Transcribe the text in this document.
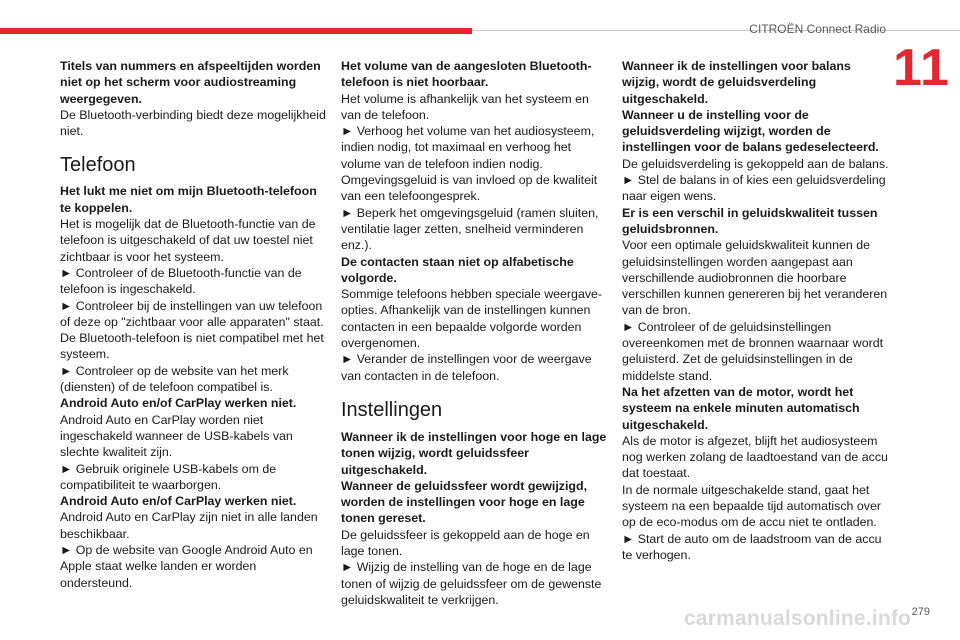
CITROËN Connect Radio
11

Titels van nummers en afspeeltijden worden niet op het scherm voor audiostreaming weergegeven.

De Bluetooth-verbinding biedt deze mogelijkheid niet.

Telefoon

Het lukt me niet om mijn Bluetooth-telefoon te koppelen.

Het is mogelijk dat de Bluetooth-functie van de telefoon is uitgeschakeld of dat uw toestel niet zichtbaar is voor het systeem.

► Controleer of de Bluetooth-functie van de telefoon is ingeschakeld.

► Controleer bij de instellingen van uw telefoon of deze op "zichtbaar voor alle apparaten" staat.

De Bluetooth-telefoon is niet compatibel met het systeem.

► Controleer op de website van het merk (diensten) of de telefoon compatibel is.

Android Auto en/of CarPlay werken niet.

Android Auto en CarPlay worden niet ingeschakeld wanneer de USB-kabels van slechte kwaliteit zijn.

► Gebruik originele USB-kabels om de compatibiliteit te waarborgen.

Android Auto en/of CarPlay werken niet.

Android Auto en CarPlay zijn niet in alle landen beschikbaar.

► Op de website van Google Android Auto en Apple staat welke landen er worden ondersteund.

Het volume van de aangesloten Bluetooth-telefoon is niet hoorbaar.

Het volume is afhankelijk van het systeem en van de telefoon.

► Verhoog het volume van het audiosysteem, indien nodig, tot maximaal en verhoog het volume van de telefoon indien nodig.

Omgevingsgeluid is van invloed op de kwaliteit van een telefoongesprek.

► Beperk het omgevingsgeluid (ramen sluiten, ventilatie lager zetten, snelheid verminderen enz.).

De contacten staan niet op alfabetische volgorde.

Sommige telefoons hebben speciale weergave-opties. Afhankelijk van de instellingen kunnen contacten in een bepaalde volgorde worden overgenomen.

► Verander de instellingen voor de weergave van contacten in de telefoon.

Instellingen

Wanneer ik de instellingen voor hoge en lage tonen wijzig, wordt geluidssfeer uitgeschakeld.

Wanneer de geluidssfeer wordt gewijzigd, worden de instellingen voor hoge en lage tonen gereset.

De geluidssfeer is gekoppeld aan de hoge en lage tonen.

► Wijzig de instelling van de hoge en de lage tonen of wijzig de geluidssfeer om de gewenste geluidskwaliteit te verkrijgen.

Wanneer ik de instellingen voor balans wijzig, wordt de geluidsverdeling uitgeschakeld.

Wanneer u de instelling voor de geluidsverdeling wijzigt, worden de instellingen voor de balans gedeselecteerd.

De geluidsverdeling is gekoppeld aan de balans.

► Stel de balans in of kies een geluidsverdeling naar eigen wens.

Er is een verschil in geluidskwaliteit tussen geluidsbronnen.

Voor een optimale geluidskwaliteit kunnen de geluidsinstellingen worden aangepast aan verschillende audiobronnen die hoorbare verschillen kunnen genereren bij het veranderen van de bron.

► Controleer of de geluidsinstellingen overeenkomen met de bronnen waarnaar wordt geluisterd. Zet de geluidsinstellingen in de middelste stand.

Na het afzetten van de motor, wordt het systeem na enkele minuten automatisch uitgeschakeld.

Als de motor is afgezet, blijft het audiosysteem nog werken zolang de laadtoestand van de accu dat toestaat.

In de normale uitgeschakelde stand, gaat het systeem na een bepaalde tijd automatisch over op de eco-modus om de accu niet te ontladen.

► Start de auto om de laadstroom van de accu te verhogen.

carmanualsonline.info 279
